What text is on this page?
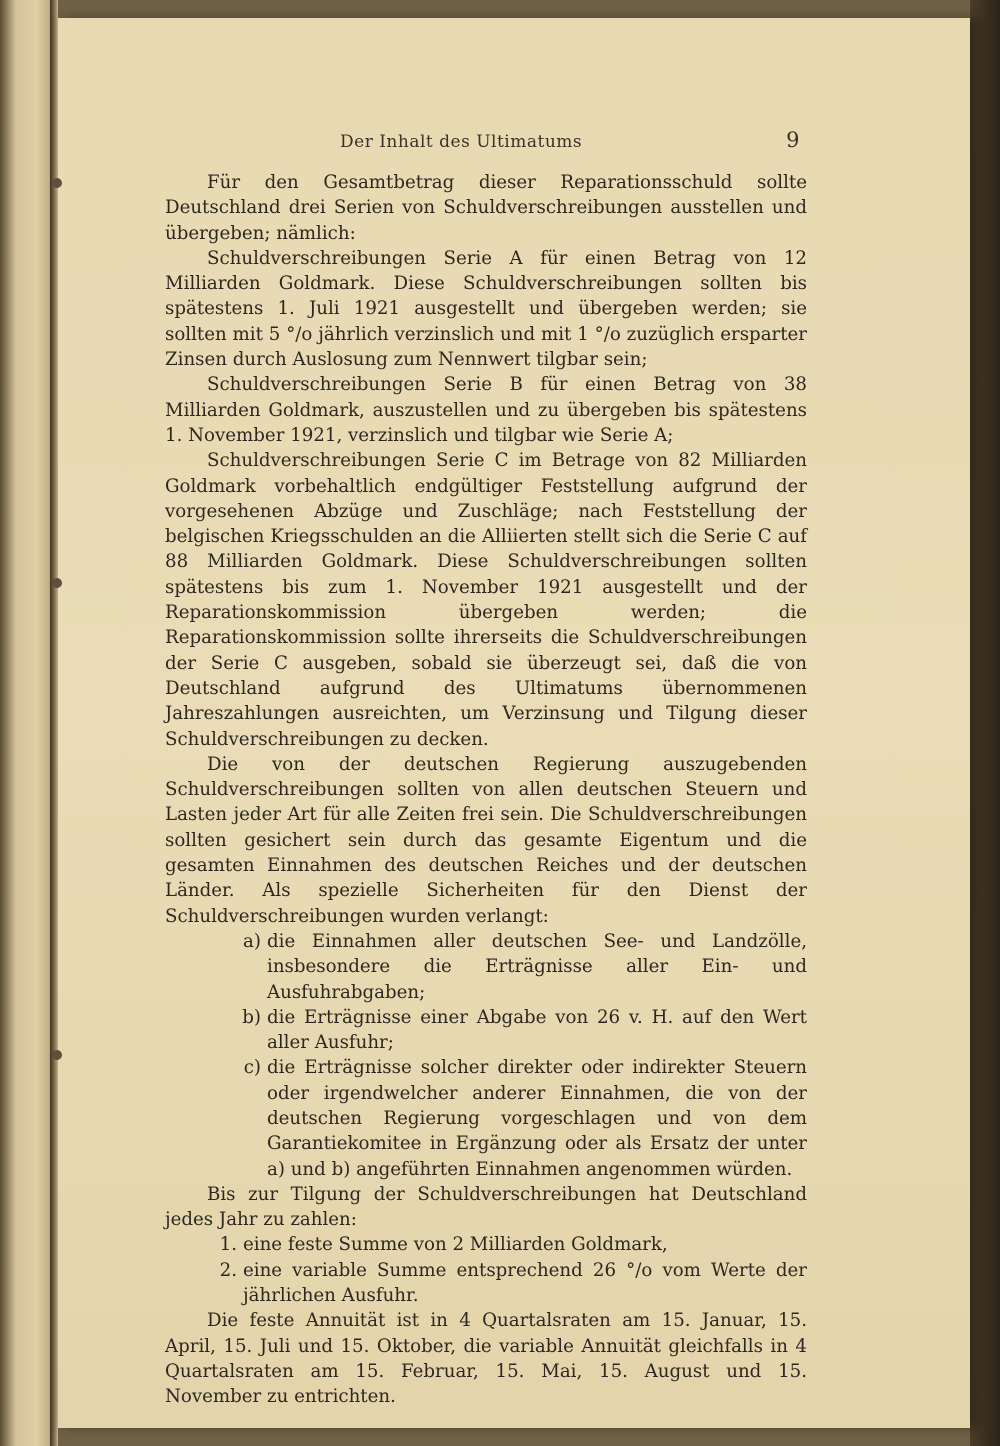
Der Inhalt des Ultimatums	9

Für den Gesamtbetrag dieser Reparationsschuld sollte Deutschland drei Serien von Schuldverschreibungen ausstellen und übergeben; nämlich:

Schuldverschreibungen Serie A für einen Betrag von 12 Milliarden Goldmark. Diese Schuldverschreibungen sollten bis spätestens 1. Juli 1921 ausgestellt und übergeben werden; sie sollten mit 5 °/o jährlich verzinslich und mit 1 °/o zuzüglich ersparter Zinsen durch Auslosung zum Nennwert tilgbar sein;

Schuldverschreibungen Serie B für einen Betrag von 38 Milliarden Goldmark, auszustellen und zu übergeben bis spätestens 1. November 1921, verzinslich und tilgbar wie Serie A;

Schuldverschreibungen Serie C im Betrage von 82 Milliarden Goldmark vorbehaltlich endgültiger Feststellung aufgrund der vorgesehenen Abzüge und Zuschläge; nach Feststellung der belgischen Kriegsschulden an die Alliierten stellt sich die Serie C auf 88 Milliarden Goldmark. Diese Schuldverschreibungen sollten spätestens bis zum 1. November 1921 ausgestellt und der Reparationskommission übergeben werden; die Reparationskommission sollte ihrerseits die Schuldverschreibungen der Serie C ausgeben, sobald sie überzeugt sei, daß die von Deutschland aufgrund des Ultimatums übernommenen Jahreszahlungen ausreichten, um Verzinsung und Tilgung dieser Schuldverschreibungen zu decken.

Die von der deutschen Regierung auszugebenden Schuldverschreibungen sollten von allen deutschen Steuern und Lasten jeder Art für alle Zeiten frei sein. Die Schuldverschreibungen sollten gesichert sein durch das gesamte Eigentum und die gesamten Einnahmen des deutschen Reiches und der deutschen Länder. Als spezielle Sicherheiten für den Dienst der Schuldverschreibungen wurden verlangt:

a) die Einnahmen aller deutschen See- und Landzölle, insbesondere die Erträgnisse aller Ein- und Ausfuhrabgaben;
b) die Erträgnisse einer Abgabe von 26 v. H. auf den Wert aller Ausfuhr;
c) die Erträgnisse solcher direkter oder indirekter Steuern oder irgendwelcher anderer Einnahmen, die von der deutschen Regierung vorgeschlagen und von dem Garantiekomitee in Ergänzung oder als Ersatz der unter a) und b) angeführten Einnahmen angenommen würden.

Bis zur Tilgung der Schuldverschreibungen hat Deutschland jedes Jahr zu zahlen:

1. eine feste Summe von 2 Milliarden Goldmark,
2. eine variable Summe entsprechend 26 °/o vom Werte der jährlichen Ausfuhr.

Die feste Annuität ist in 4 Quartalsraten am 15. Januar, 15. April, 15. Juli und 15. Oktober, die variable Annuität gleichfalls in 4 Quartalsraten am 15. Februar, 15. Mai, 15. August und 15. November zu entrichten.
